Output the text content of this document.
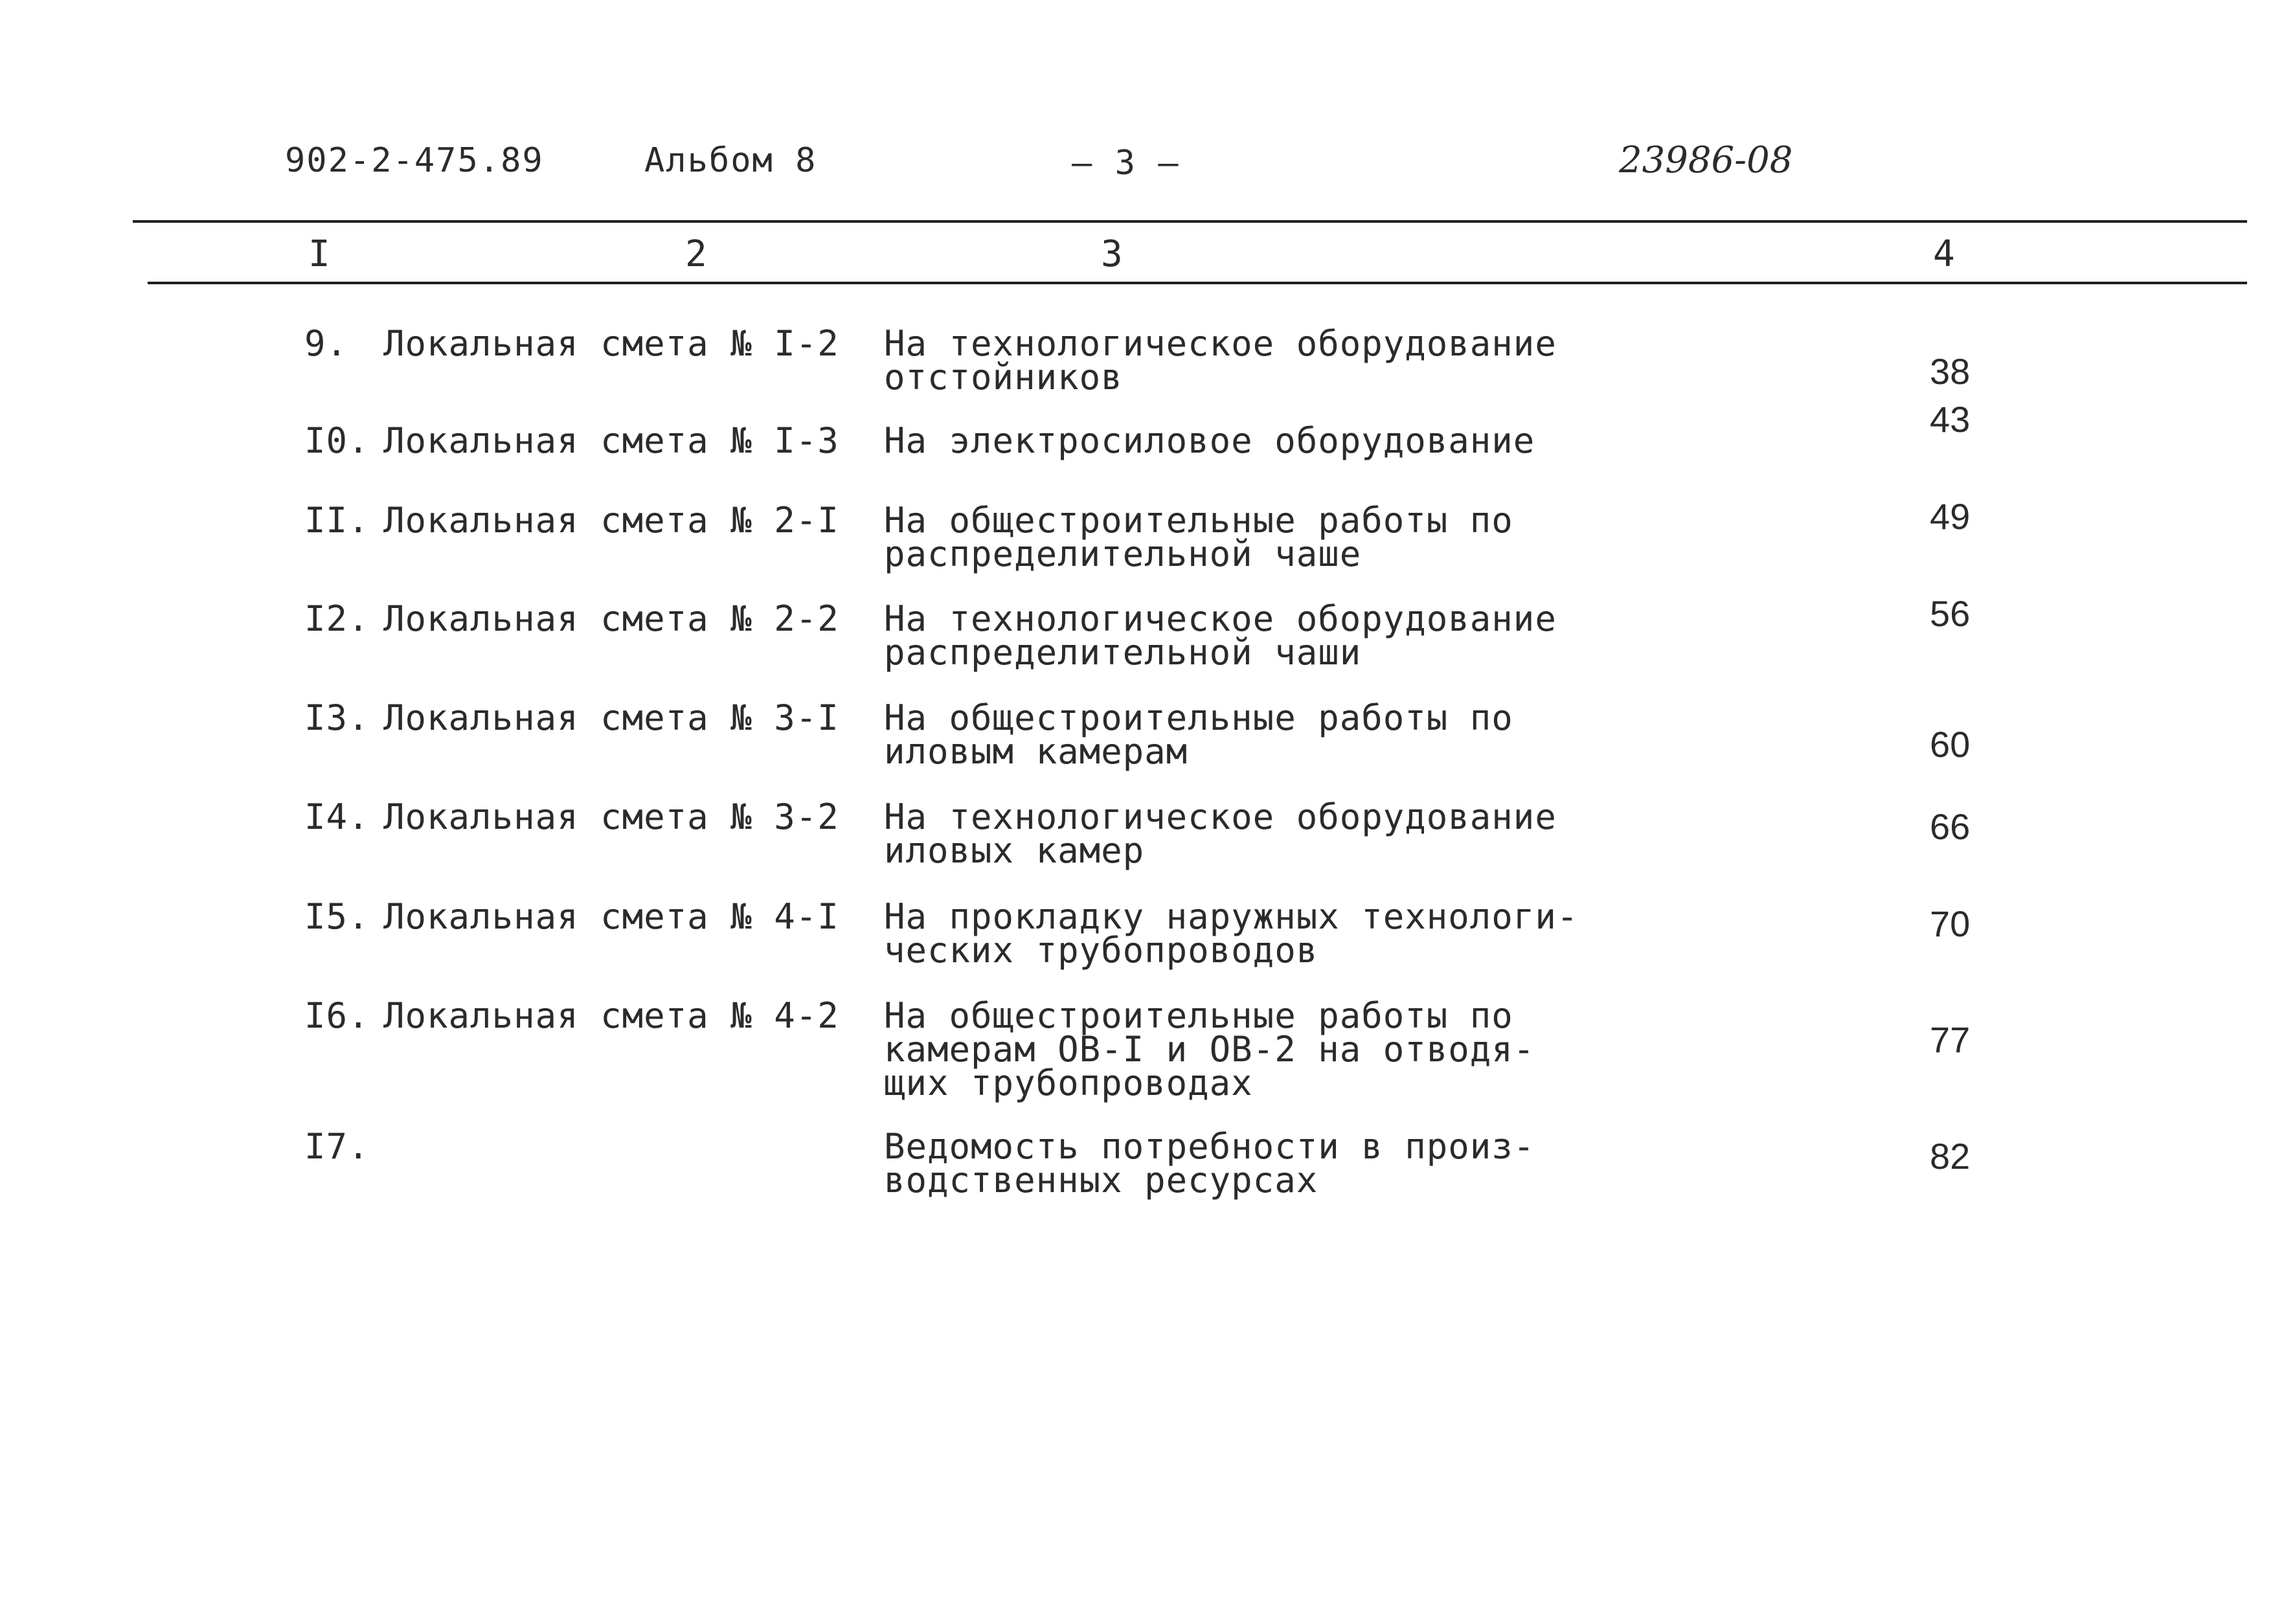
902-2-475.89	Альбом 8	— 3 —	23986-08
I	2	3	4
9. Локальная смета № I-2 На технологическое оборудование
отстойников	38
I0. Локальная смета № I-3 На электросиловое оборудование
43
II. Локальная смета № 2-I На общестроительные работы по
распределительной чаше
49
I2. Локальная смета № 2-2 На технологическое оборудование
распределительной чаши
56
I3. Локальная смета № 3-I На общестроительные работы по
иловым камерам	60
I4. Локальная смета № 3-2 На технологическое оборудование
иловых камер
66
I5. Локальная смета № 4-I На прокладку наружных технологи-
ческих трубопроводов
70
I6. Локальная смета № 4-2 На общестроительные работы по
камерам ОВ-I и ОВ-2 на отводя-
щих трубопроводах
77
I7.	Ведомость потребности в произ-
водственных ресурсах
82
